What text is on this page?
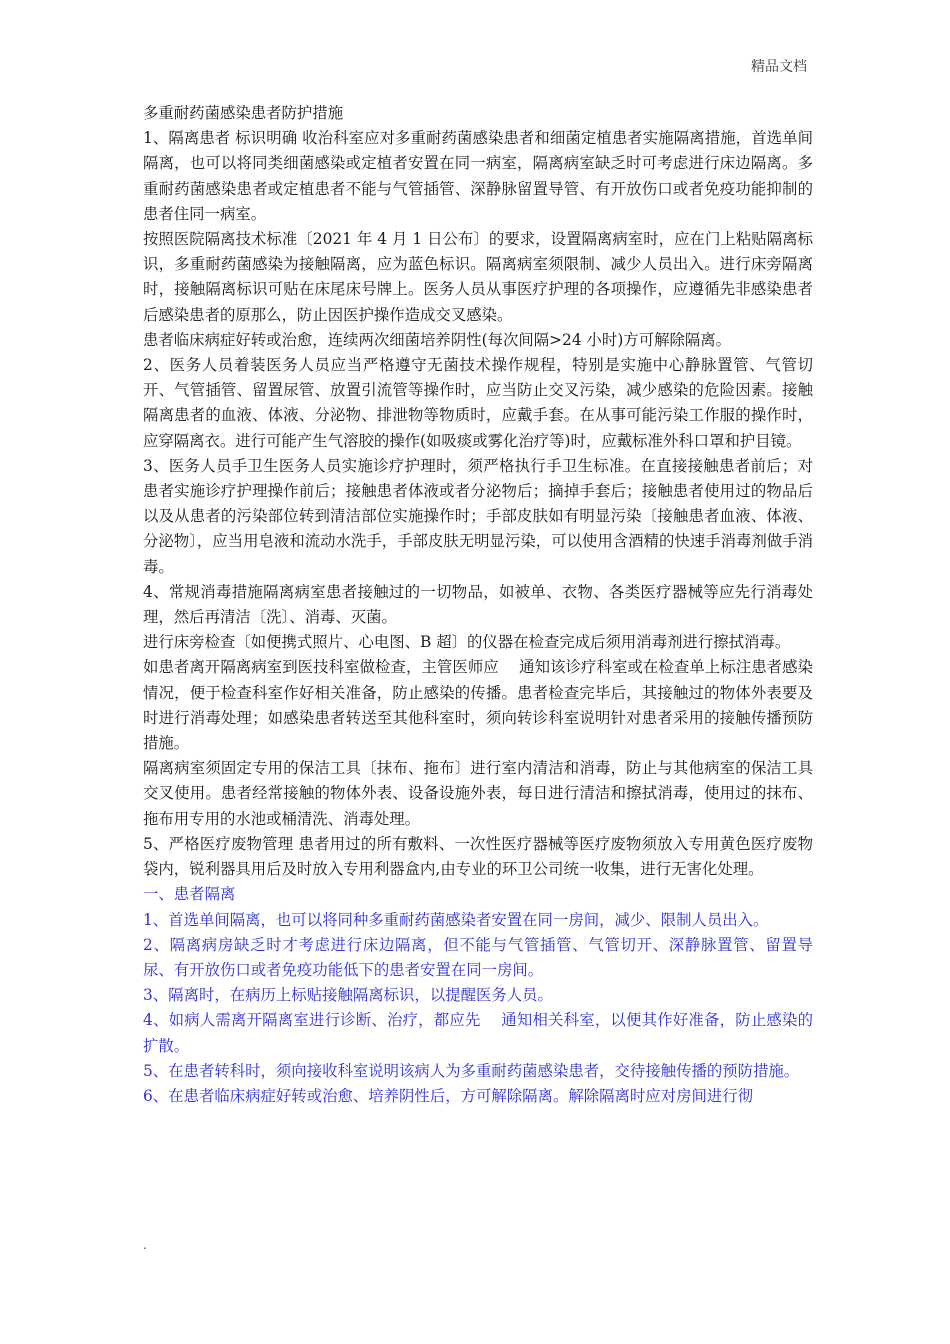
精品文档

多重耐药菌感染患者防护措施

1、隔离患者 标识明确 收治科室应对多重耐药菌感染患者和细菌定植患者实施隔离措施，首选单间隔离，也可以将同类细菌感染或定植者安置在同一病室，隔离病室缺乏时可考虑进行床边隔离。多重耐药菌感染患者或定植患者不能与气管插管、深静脉留置导管、有开放伤口或者免疫功能抑制的患者住同一病室。

按照医院隔离技术标准〔2021 年 4 月 1 日公布〕的要求，设置隔离病室时，应在门上粘贴隔离标识，多重耐药菌感染为接触隔离，应为蓝色标识。隔离病室须限制、减少人员出入。进行床旁隔离时，接触隔离标识可贴在床尾床号牌上。医务人员从事医疗护理的各项操作，应遵循先非感染患者后感染患者的原那么，防止因医护操作造成交叉感染。

患者临床病症好转或治愈，连续两次细菌培养阴性(每次间隔>24 小时)方可解除隔离。

2、医务人员着装医务人员应当严格遵守无菌技术操作规程，特别是实施中心静脉置管、气管切开、气管插管、留置尿管、放置引流管等操作时，应当防止交叉污染，减少感染的危险因素。接触隔离患者的血液、体液、分泌物、排泄物等物质时，应戴手套。在从事可能污染工作服的操作时，应穿隔离衣。进行可能产生气溶胶的操作(如吸痰或雾化治疗等)时，应戴标准外科口罩和护目镜。

3、医务人员手卫生医务人员实施诊疗护理时，须严格执行手卫生标准。在直接接触患者前后；对患者实施诊疗护理操作前后；接触患者体液或者分泌物后；摘掉手套后；接触患者使用过的物品后以及从患者的污染部位转到清洁部位实施操作时；手部皮肤如有明显污染〔接触患者血液、体液、分泌物〕，应当用皂液和流动水洗手，手部皮肤无明显污染，可以使用含酒精的快速手消毒剂做手消毒。

4、常规消毒措施隔离病室患者接触过的一切物品，如被单、衣物、各类医疗器械等应先行消毒处理，然后再清洁〔洗〕、消毒、灭菌。

进行床旁检查〔如便携式照片、心电图、B 超〕的仪器在检查完成后须用消毒剂进行擦拭消毒。

如患者离开隔离病室到医技科室做检查，主管医师应　 通知该诊疗科室或在检查单上标注患者感染情况，便于检查科室作好相关准备，防止感染的传播。患者检查完毕后，其接触过的物体外表要及时进行消毒处理；如感染患者转送至其他科室时，须向转诊科室说明针对患者采用的接触传播预防措施。

隔离病室须固定专用的保洁工具〔抹布、拖布〕进行室内清洁和消毒，防止与其他病室的保洁工具交叉使用。患者经常接触的物体外表、设备设施外表，每日进行清洁和擦拭消毒，使用过的抹布、拖布用专用的水池或桶清洗、消毒处理。

5、严格医疗废物管理 患者用过的所有敷料、一次性医疗器械等医疗废物须放入专用黄色医疗废物袋内，锐利器具用后及时放入专用利器盒内,由专业的环卫公司统一收集，进行无害化处理。

一、患者隔离

1、首选单间隔离，也可以将同种多重耐药菌感染者安置在同一房间，减少、限制人员出入。

2、隔离病房缺乏时才考虑进行床边隔离，但不能与气管插管、气管切开、深静脉置管、留置导尿、有开放伤口或者免疫功能低下的患者安置在同一房间。

3、隔离时，在病历上标贴接触隔离标识，以提醒医务人员。

4、如病人需离开隔离室进行诊断、治疗，都应先　 通知相关科室，以便其作好准备，防止感染的扩散。

5、在患者转科时，须向接收科室说明该病人为多重耐药菌感染患者，交待接触传播的预防措施。

6、在患者临床病症好转或治愈、培养阴性后，方可解除隔离。解除隔离时应对房间进行彻

.
